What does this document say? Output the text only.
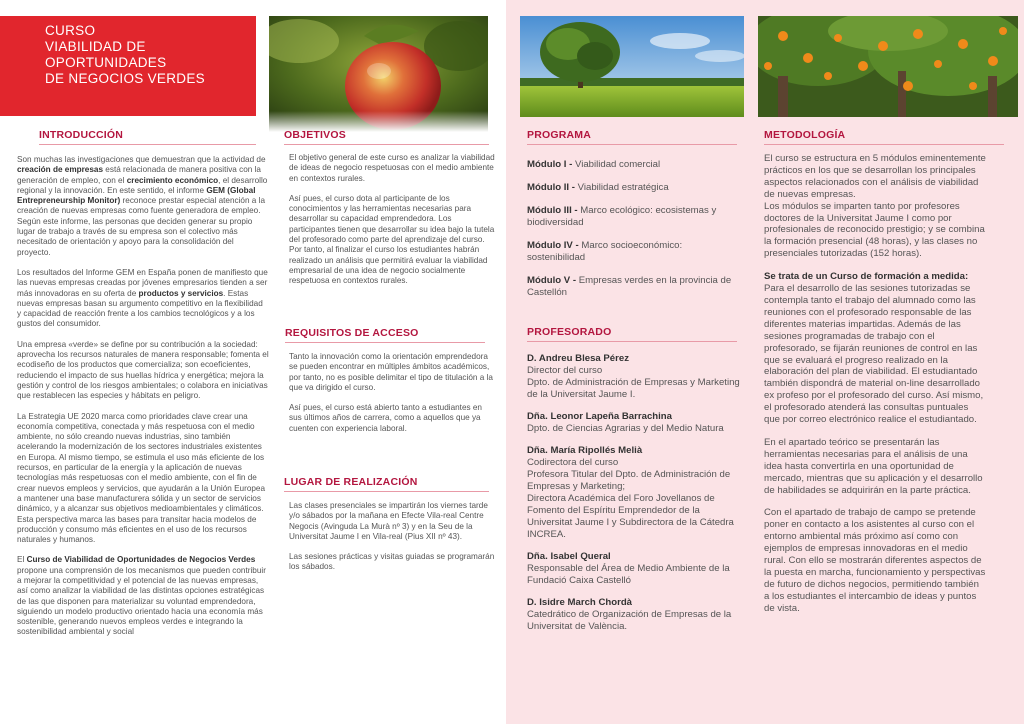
CURSO
VIABILIDAD DE
OPORTUNIDADES
DE NEGOCIOS VERDES
INTRODUCCIÓN

Son muchas las investigaciones que demuestran que la actividad de creación de empresas está relacionada de manera positiva con la generación de empleo, con el crecimiento económico, el desarrollo regional y la innovación. En este sentido, el informe GEM (Global Entrepreneurship Monitor) reconoce prestar especial atención a la creación de nuevas empresas como fuente generadora de empleo. Según este informe, las personas que deciden generar su propio lugar de trabajo a través de su empresa son el colectivo más necesitado de orientación y apoyo para la consolidación del proyecto.

Los resultados del Informe GEM en España ponen de manifiesto que las nuevas empresas creadas por jóvenes empresarios tienden a ser más innovadoras en su oferta de productos y servicios. Estas nuevas empresas basan su argumento competitivo en la flexibilidad y capacidad de reacción frente a los cambios tecnológicos y a los gustos del consumidor.

Una empresa «verde» se define por su contribución a la sociedad: aprovecha los recursos naturales de manera responsable; fomenta el ecodiseño de los productos que comercializa; son ecoeficientes, reduciendo el impacto de sus huellas hídrica y energética; mejora la gestión y control de los riesgos ambientales; o colabora en iniciativas que restablecen las especies y hábitats en peligro.

La Estrategia UE 2020 marca como prioridades clave crear una economía competitiva, conectada y más respetuosa con el medio ambiente, no sólo creando nuevas industrias, sino también acelerando la modernización de los sectores industriales existentes en Europa. Al mismo tiempo, se estimula el uso más eficiente de los recursos, en particular de la energía y la aplicación de nuevas tecnologías más respetuosas con el medio ambiente, con el fin de crear nuevos empleos y servicios, que ayudarán a la Unión Europea a mantener una base manufacturera sólida y un sector de servicios dinámico, y a alcanzar sus objetivos medioambientales y climáticos. Esta perspectiva marca las bases para transitar hacia modelos de producción y consumo más eficientes en el uso de los recursos naturales y humanos.

El Curso de Viabilidad de Oportunidades de Negocios Verdes propone una comprensión de los mecanismos que pueden contribuir a mejorar la competitividad y el potencial de las nuevas empresas, así como analizar la viabilidad de las distintas opciones estratégicas de las que disponen para materializar su voluntad emprendedora, siguiendo un modelo productivo orientado hacia una economía más sostenible, generando nuevos empleos verdes e integrando la sostenibilidad ambiental y social

OBJETIVOS

El objetivo general de este curso es analizar la viabilidad de ideas de negocio respetuosas con el medio ambiente en contextos rurales.

Así pues, el curso dota al participante de los conocimientos y las herramientas necesarias para desarrollar su capacidad emprendedora. Los participantes tienen que desarrollar su idea bajo la tutela del profesorado como parte del aprendizaje del curso. Por tanto, al finalizar el curso los estudiantes habrán realizado un análisis que permitirá evaluar la viabilidad empresarial de una idea de negocio socialmente respetuosa en contextos rurales.

REQUISITOS DE ACCESO

Tanto la innovación como la orientación emprendedora se pueden encontrar en múltiples ámbitos académicos, por tanto, no es posible delimitar el tipo de titulación a la que va dirigido el curso.

Así pues, el curso está abierto tanto a estudiantes en sus últimos años de carrera, como a aquellos que ya cuenten con experiencia laboral.

LUGAR DE REALIZACIÓN

Las clases presenciales se impartirán los viernes tarde y/o sábados por la mañana en Efecte Vila-real Centre Negocis (Avinguda La Murà nº 3) y en la Seu de la Universitat Jaume I en Vila-real (Pius XII nº 43).

Las sesiones prácticas y visitas guiadas se programarán los sábados.

PROGRAMA
Módulo I - Viabilidad comercial
Módulo II - Viabilidad estratégica
Módulo III - Marco ecológico: ecosistemas y biodiversidad
Módulo IV - Marco socioeconómico: sostenibilidad
Módulo V - Empresas verdes en la provincia de Castellón
PROFESORADO
D. Andreu Blesa Pérez
Director del curso
Dpto. de Administración de Empresas y Marketing de la Universitat Jaume I.
Dña. Leonor Lapeña Barrachina
Dpto. de Ciencias Agrarias y del Medio Natura
Dña. María Ripollés Melià
Codirectora del curso
Profesora Titular del Dpto. de Administración de Empresas y Marketing;
Directora Académica del Foro Jovellanos de Fomento del Espíritu Emprendedor de la Universitat Jaume I y Subdirectora de la Cátedra INCREA.
Dña. Isabel Queral
Responsable del Área de Medio Ambiente de la Fundació Caixa Castelló
D. Isidre March Chordà
Catedrático de Organización de Empresas de la Universitat de València.
METODOLOGÍA

El curso se estructura en 5 módulos eminentemente prácticos en los que se desarrollan los principales aspectos relacionados con el análisis de viabilidad de nuevas empresas.

Los módulos se imparten tanto por profesores doctores de la Universitat Jaume I como por profesionales de reconocido prestigio; y se combina la formación presencial (48 horas), y las clases no presenciales tutorizadas (152 horas).

Se trata de un Curso de formación a medida:
Para el desarrollo de las sesiones tutorizadas se contempla tanto el trabajo del alumnado como las reuniones con el profesorado responsable de las diferentes materias impartidas. Además de las sesiones programadas de trabajo con el profesorado, se fijarán reuniones de control en las que se evaluará el progreso realizado en la elaboración del plan de viabilidad. El estudiantado también dispondrá de material on-line desarrollado ex profeso por el profesorado del curso. Así mismo, el profesorado atenderá las consultas puntuales que por correo electrónico realice el estudiantado.

En el apartado teórico se presentarán las herramientas necesarias para el análisis de una idea hasta convertirla en una oportunidad de mercado, mientras que su aplicación y el desarrollo de habilidades se adquirirán en la parte práctica.

Con el apartado de trabajo de campo se pretende poner en contacto a los asistentes al curso con el entorno ambiental más próximo así como con ejemplos de empresas innovadoras en el medio rural. Con ello se mostrarán diferentes aspectos de la puesta en marcha, funcionamiento y perspectivas de futuro de dichos negocios, permitiendo también a los estudiantes el intercambio de ideas y puntos de vista.
